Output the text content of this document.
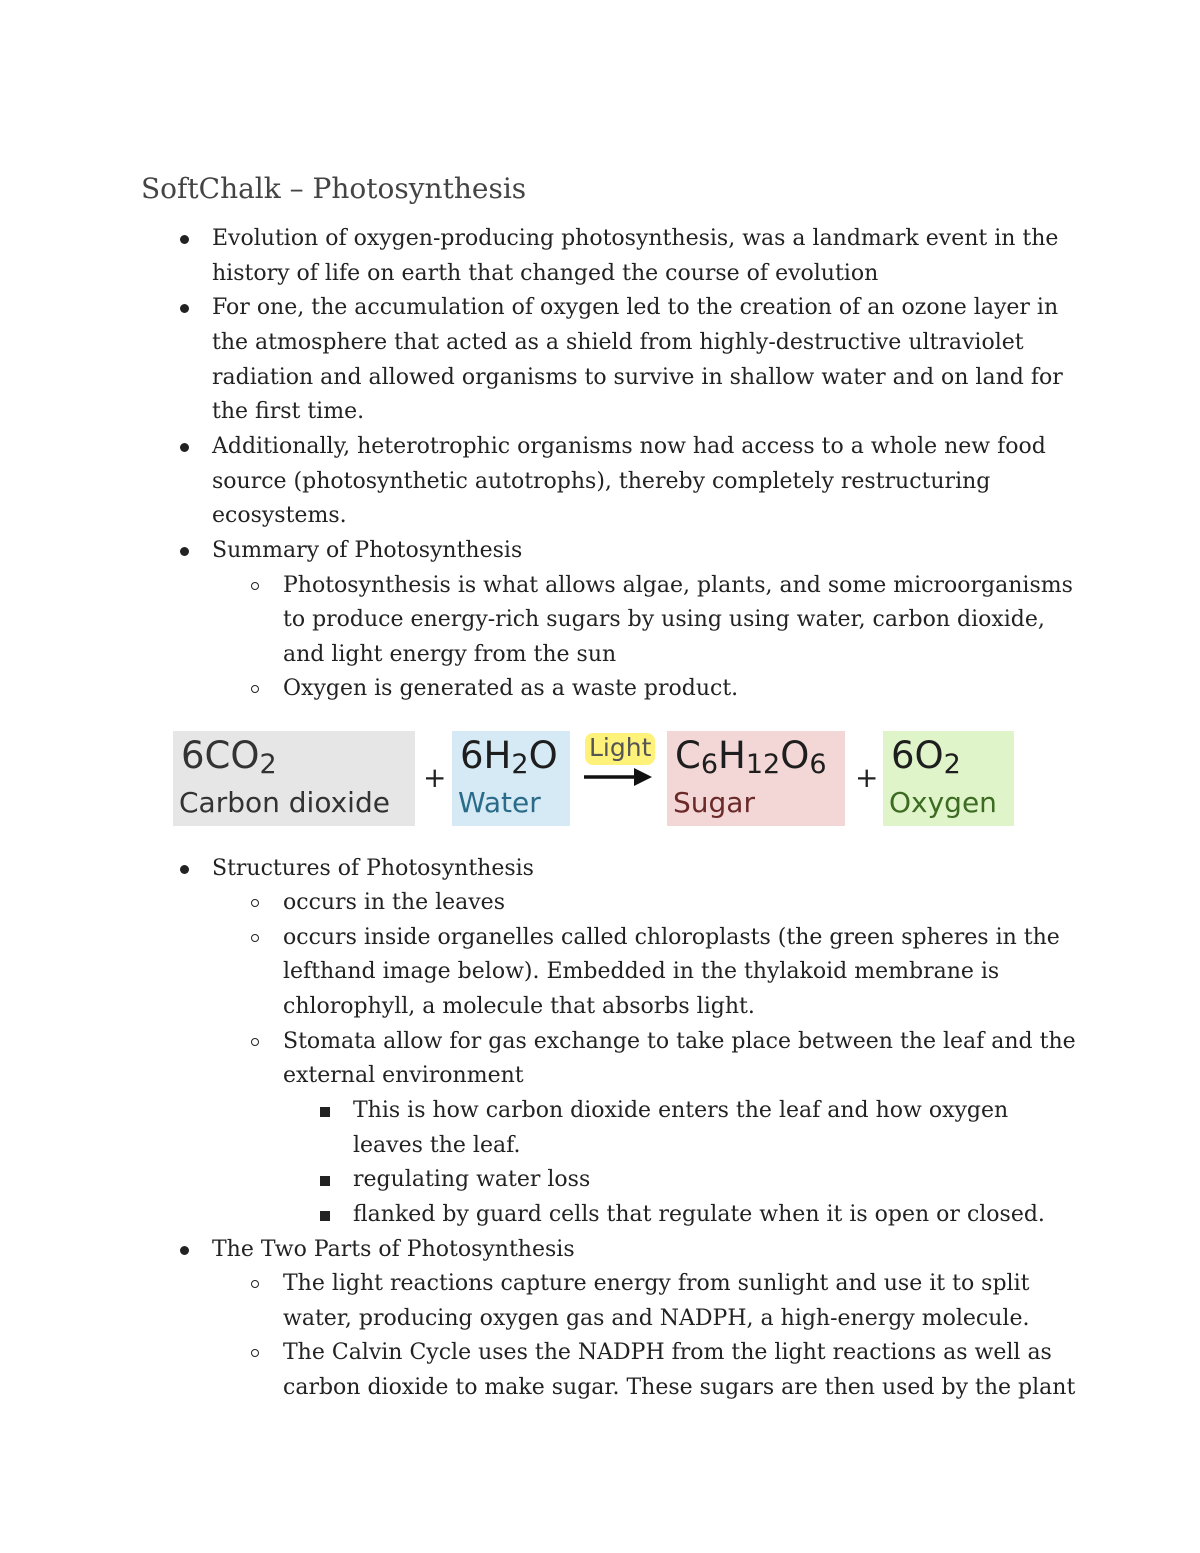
SoftChalk – Photosynthesis

Evolution of oxygen-producing photosynthesis, was a landmark event in the

history of life on earth that changed the course of evolution

For one, the accumulation of oxygen led to the creation of an ozone layer in

the atmosphere that acted as a shield from highly-destructive ultraviolet

radiation and allowed organisms to survive in shallow water and on land for

the first time.

Additionally, heterotrophic organisms now had access to a whole new food

source (photosynthetic autotrophs), thereby completely restructuring

ecosystems.

Summary of Photosynthesis

Photosynthesis is what allows algae, plants, and some microorganisms

to produce energy-rich sugars by using using water, carbon dioxide,

and light energy from the sun

Oxygen is generated as a waste product.

Structures of Photosynthesis

occurs in the leaves

occurs inside organelles called chloroplasts (the green spheres in the

lefthand image below). Embedded in the thylakoid membrane is

chlorophyll, a molecule that absorbs light.

Stomata allow for gas exchange to take place between the leaf and the

external environment

This is how carbon dioxide enters the leaf and how oxygen

leaves the leaf.

regulating water loss

flanked by guard cells that regulate when it is open or closed.

The Two Parts of Photosynthesis

The light reactions capture energy from sunlight and use it to split

water, producing oxygen gas and NADPH, a high-energy molecule.

The Calvin Cycle uses the NADPH from the light reactions as well as

carbon dioxide to make sugar. These sugars are then used by the plant

$6CO_2$
Carbon dioxide
+
$6H_2O$
Water
Light $C_6H_{12}O_6$
Sugar
+
$6O_2$
Oxygen
